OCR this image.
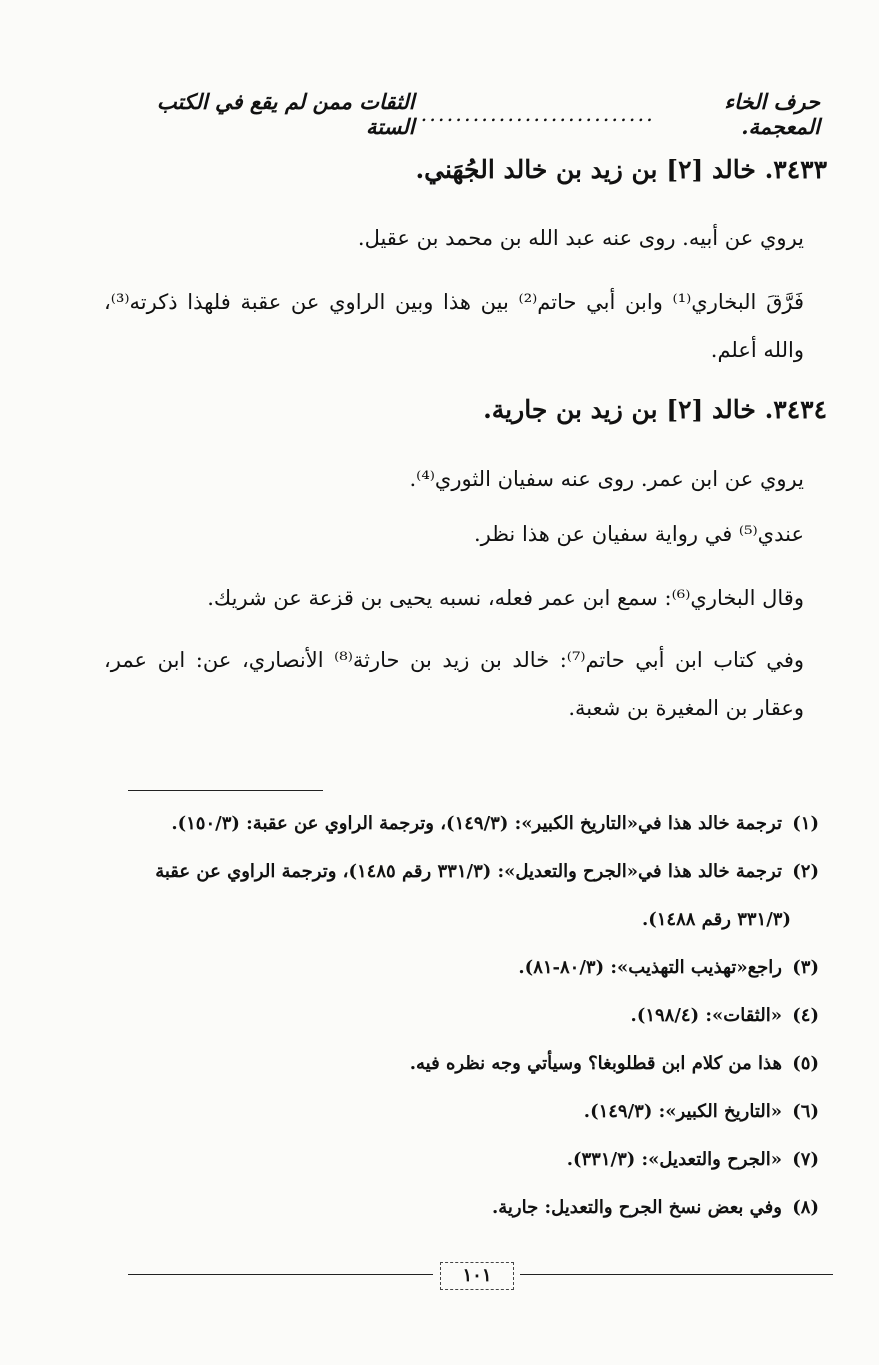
حرف الخاء المعجمة.
...........................
الثقات ممن لم يقع في الكتب الستة
٣٤٣٣. خالد [٢] بن زيد بن خالد الجُهَني.
يروي عن أبيه. روى عنه عبد الله بن محمد بن عقيل.
فَرَّقَ البخاري⁽¹⁾ وابن أبي حاتم⁽²⁾ بين هذا وبين الراوي عن عقبة فلهذا ذكرته⁽³⁾، والله أعلم.
٣٤٣٤. خالد [٢] بن زيد بن جارية.
يروي عن ابن عمر. روى عنه سفيان الثوري⁽⁴⁾.
عندي⁽⁵⁾ في رواية سفيان عن هذا نظر.
وقال البخاري⁽⁶⁾: سمع ابن عمر فعله، نسبه يحيى بن قزعة عن شريك.
وفي كتاب ابن أبي حاتم⁽⁷⁾: خالد بن زيد بن حارثة⁽⁸⁾ الأنصاري، عن: ابن عمر، وعقار بن المغيرة بن شعبة.
(١) ترجمة خالد هذا في«التاريخ الكبير»: (١٤٩/٣)، وترجمة الراوي عن عقبة: (١٥٠/٣).
(٢) ترجمة خالد هذا في«الجرح والتعديل»: (٣٣١/٣ رقم ١٤٨٥)، وترجمة الراوي عن عقبة
(٣٣١/٣ رقم ١٤٨٨).
(٣) راجع«تهذيب التهذيب»: (٨٠/٣-٨١).
(٤) «الثقات»: (١٩٨/٤).
(٥) هذا من كلام ابن قطلوبغا؟ وسيأتي وجه نظره فيه.
(٦) «التاريخ الكبير»: (١٤٩/٣).
(٧) «الجرح والتعديل»: (٣٣١/٣).
(٨) وفي بعض نسخ الجرح والتعديل: جارية.
١٠١
